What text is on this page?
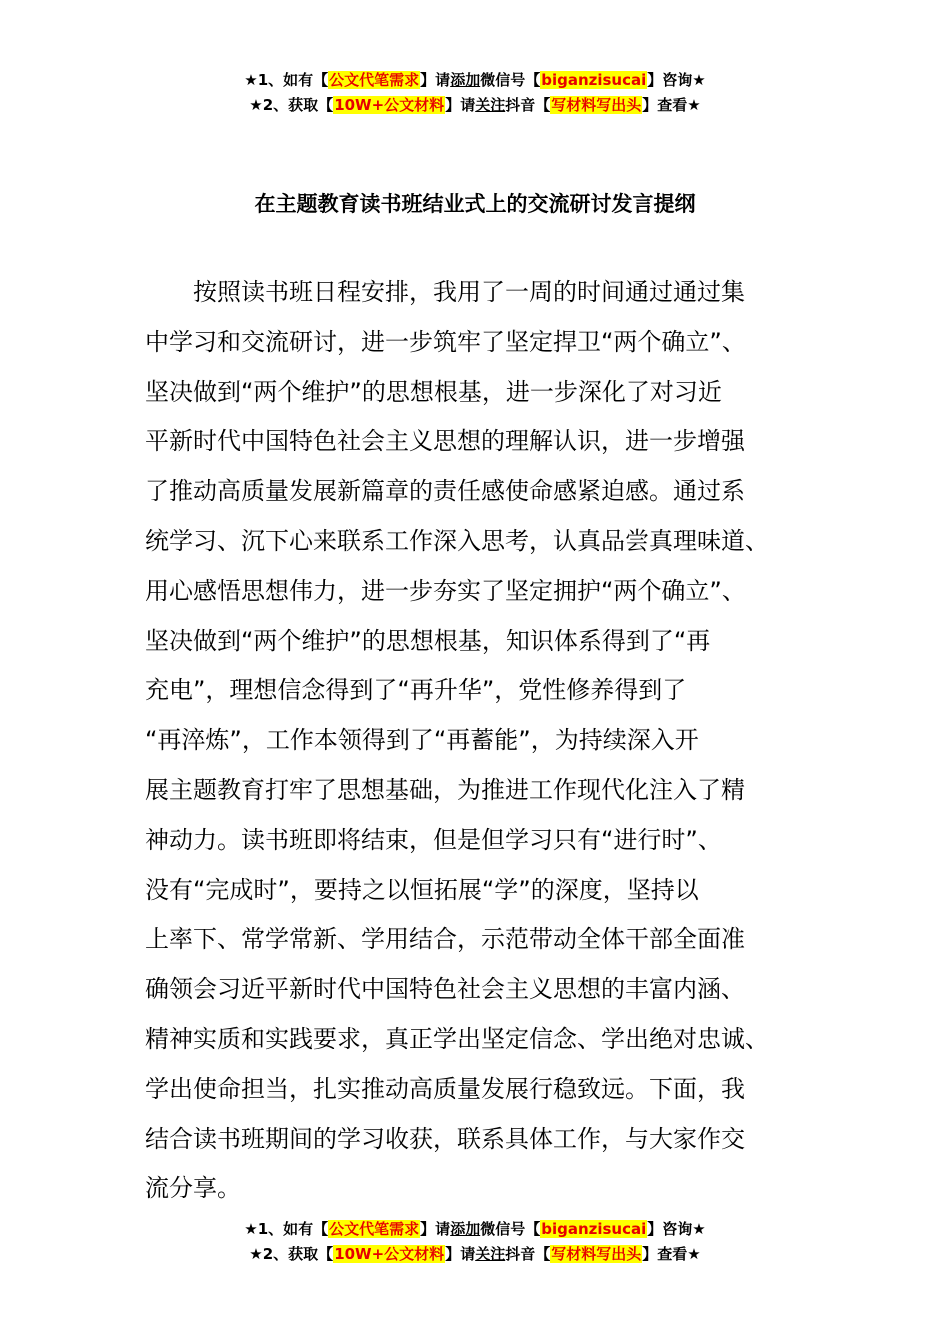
★1、如有【公文代笔需求】请添加微信号【biganzisucai】咨询★
★2、获取【10W+公文材料】请关注抖音【写材料写出头】查看★
在主题教育读书班结业式上的交流研讨发言提纲
　　按照读书班日程安排，我用了一周的时间通过通过集
中学习和交流研讨，进一步筑牢了坚定捍卫“两个确立”、
坚决做到“两个维护”的思想根基，进一步深化了对习近
平新时代中国特色社会主义思想的理解认识，进一步增强
了推动高质量发展新篇章的责任感使命感紧迫感。通过系
统学习、沉下心来联系工作深入思考，认真品尝真理味道、
用心感悟思想伟力，进一步夯实了坚定拥护“两个确立”、
坚决做到“两个维护”的思想根基，知识体系得到了“再
充电”，理想信念得到了“再升华”，党性修养得到了
“再淬炼”，工作本领得到了“再蓄能”，为持续深入开
展主题教育打牢了思想基础，为推进工作现代化注入了精
神动力。读书班即将结束，但是但学习只有“进行时”、
没有“完成时”，要持之以恒拓展“学”的深度，坚持以
上率下、常学常新、学用结合，示范带动全体干部全面准
确领会习近平新时代中国特色社会主义思想的丰富内涵、
精神实质和实践要求，真正学出坚定信念、学出绝对忠诚、
学出使命担当，扎实推动高质量发展行稳致远。下面，我
结合读书班期间的学习收获，联系具体工作，与大家作交
流分享。
★1、如有【公文代笔需求】请添加微信号【biganzisucai】咨询★
★2、获取【10W+公文材料】请关注抖音【写材料写出头】查看★
